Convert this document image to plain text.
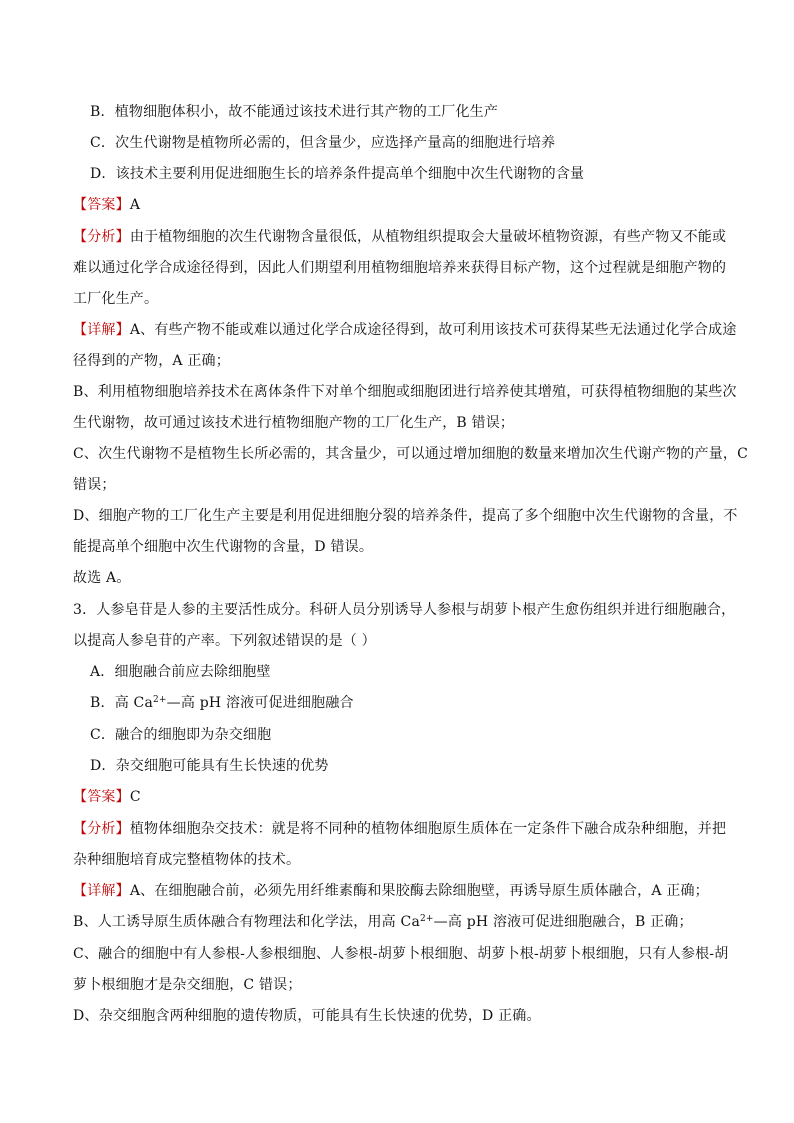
B．植物细胞体积小，故不能通过该技术进行其产物的工厂化生产
C．次生代谢物是植物所必需的，但含量少，应选择产量高的细胞进行培养
D．该技术主要利用促进细胞生长的培养条件提高单个细胞中次生代谢物的含量
【答案】A
【分析】由于植物细胞的次生代谢物含量很低，从植物组织提取会大量破坏植物资源，有些产物又不能或
难以通过化学合成途径得到，因此人们期望利用植物细胞培养来获得目标产物，这个过程就是细胞产物的
工厂化生产。
【详解】A、有些产物不能或难以通过化学合成途径得到，故可利用该技术可获得某些无法通过化学合成途
径得到的产物，A 正确；
B、利用植物细胞培养技术在离体条件下对单个细胞或细胞团进行培养使其增殖，可获得植物细胞的某些次
生代谢物，故可通过该技术进行植物细胞产物的工厂化生产，B 错误；
C、次生代谢物不是植物生长所必需的，其含量少，可以通过增加细胞的数量来增加次生代谢产物的产量，C
错误；
D、细胞产物的工厂化生产主要是利用促进细胞分裂的培养条件，提高了多个细胞中次生代谢物的含量，不
能提高单个细胞中次生代谢物的含量，D 错误。
故选 A。
3．人参皂苷是人参的主要活性成分。科研人员分别诱导人参根与胡萝卜根产生愈伤组织并进行细胞融合，
以提高人参皂苷的产率。下列叙述错误的是（ ）
A．细胞融合前应去除细胞壁
B．高 $Ca^{2+}—$高 pH 溶液可促进细胞融合
C．融合的细胞即为杂交细胞
D．杂交细胞可能具有生长快速的优势
【答案】C
【分析】植物体细胞杂交技术：就是将不同种的植物体细胞原生质体在一定条件下融合成杂种细胞，并把
杂种细胞培育成完整植物体的技术。
【详解】A、在细胞融合前，必须先用纤维素酶和果胶酶去除细胞壁，再诱导原生质体融合，A 正确；
B、人工诱导原生质体融合有物理法和化学法，用高 $Ca^{2+}—$高 pH 溶液可促进细胞融合，B 正确；
C、融合的细胞中有人参根-人参根细胞、人参根-胡萝卜根细胞、胡萝卜根-胡萝卜根细胞，只有人参根-胡
萝卜根细胞才是杂交细胞，C 错误；
D、杂交细胞含两种细胞的遗传物质，可能具有生长快速的优势，D 正确。
